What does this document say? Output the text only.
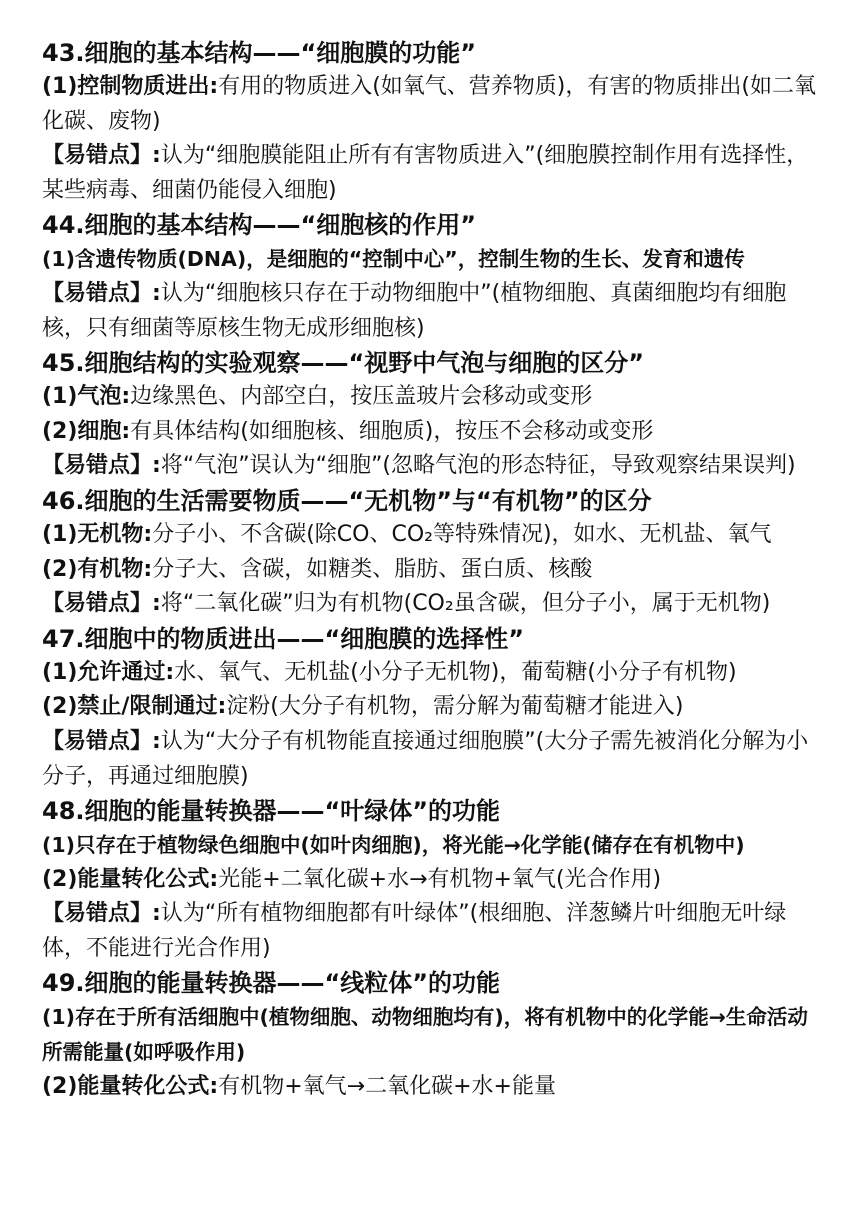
43.细胞的基本结构——“细胞膜的功能”

(1)控制物质进出:有用的物质进入(如氧气、营养物质)，有害的物质排出(如二氧化碳、废物)

【易错点】:认为“细胞膜能阻止所有有害物质进入”(细胞膜控制作用有选择性，某些病毒、细菌仍能侵入细胞)

44.细胞的基本结构——“细胞核的作用”

(1)含遗传物质(DNA)，是细胞的“控制中心”，控制生物的生长、发育和遗传

【易错点】:认为“细胞核只存在于动物细胞中”(植物细胞、真菌细胞均有细胞核，只有细菌等原核生物无成形细胞核)

45.细胞结构的实验观察——“视野中气泡与细胞的区分”

(1)气泡:边缘黑色、内部空白，按压盖玻片会移动或变形

(2)细胞:有具体结构(如细胞核、细胞质)，按压不会移动或变形

【易错点】:将“气泡”误认为“细胞”(忽略气泡的形态特征，导致观察结果误判)

46.细胞的生活需要物质——“无机物”与“有机物”的区分

(1)无机物:分子小、不含碳(除CO、CO₂等特殊情况)，如水、无机盐、氧气

(2)有机物:分子大、含碳，如糖类、脂肪、蛋白质、核酸

【易错点】:将“二氧化碳”归为有机物(CO₂虽含碳，但分子小，属于无机物)

47.细胞中的物质进出——“细胞膜的选择性”

(1)允许通过:水、氧气、无机盐(小分子无机物)，葡萄糖(小分子有机物)

(2)禁止/限制通过:淀粉(大分子有机物，需分解为葡萄糖才能进入)

【易错点】:认为“大分子有机物能直接通过细胞膜”(大分子需先被消化分解为小分子，再通过细胞膜)

48.细胞的能量转换器——“叶绿体”的功能

(1)只存在于植物绿色细胞中(如叶肉细胞)，将光能→化学能(储存在有机物中)

(2)能量转化公式:光能+二氧化碳+水→有机物+氧气(光合作用)

【易错点】:认为“所有植物细胞都有叶绿体”(根细胞、洋葱鳞片叶细胞无叶绿体，不能进行光合作用)

49.细胞的能量转换器——“线粒体”的功能

(1)存在于所有活细胞中(植物细胞、动物细胞均有)，将有机物中的化学能→生命活动所需能量(如呼吸作用)

(2)能量转化公式:有机物+氧气→二氧化碳+水+能量
